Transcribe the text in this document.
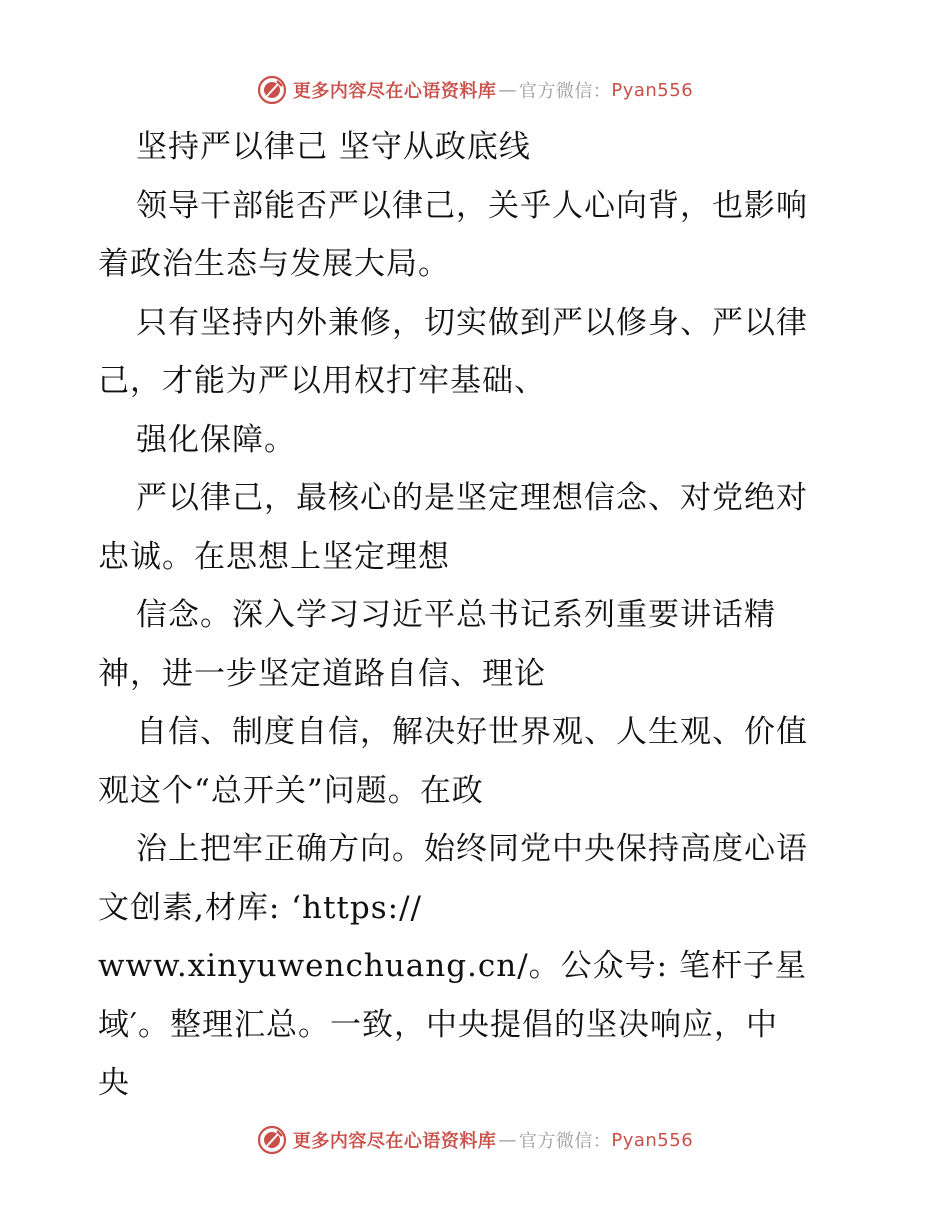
更多内容尽在心语资料库 — 官方微信： Pyan556
坚持严以律己 坚守从政底线
领导干部能否严以律己，关乎人心向背，也影响
着政治生态与发展大局。
只有坚持内外兼修，切实做到严以修身、严以律
己，才能为严以用权打牢基础、
强化保障。
严以律己，最核心的是坚定理想信念、对党绝对
忠诚。在思想上坚定理想
信念。深入学习习近平总书记系列重要讲话精
神，进一步坚定道路自信、理论
自信、制度自信，解决好世界观、人生观、价值
观这个“总开关”问题。在政
治上把牢正确方向。始终同党中央保持高度心语
文创素,材库: ‘https://
www.xinyuwenchuang.cn/。公众号: 笔杆子星
域′。整理汇总。一致，中央提倡的坚决响应，中
央
更多内容尽在心语资料库 — 官方微信： Pyan556
